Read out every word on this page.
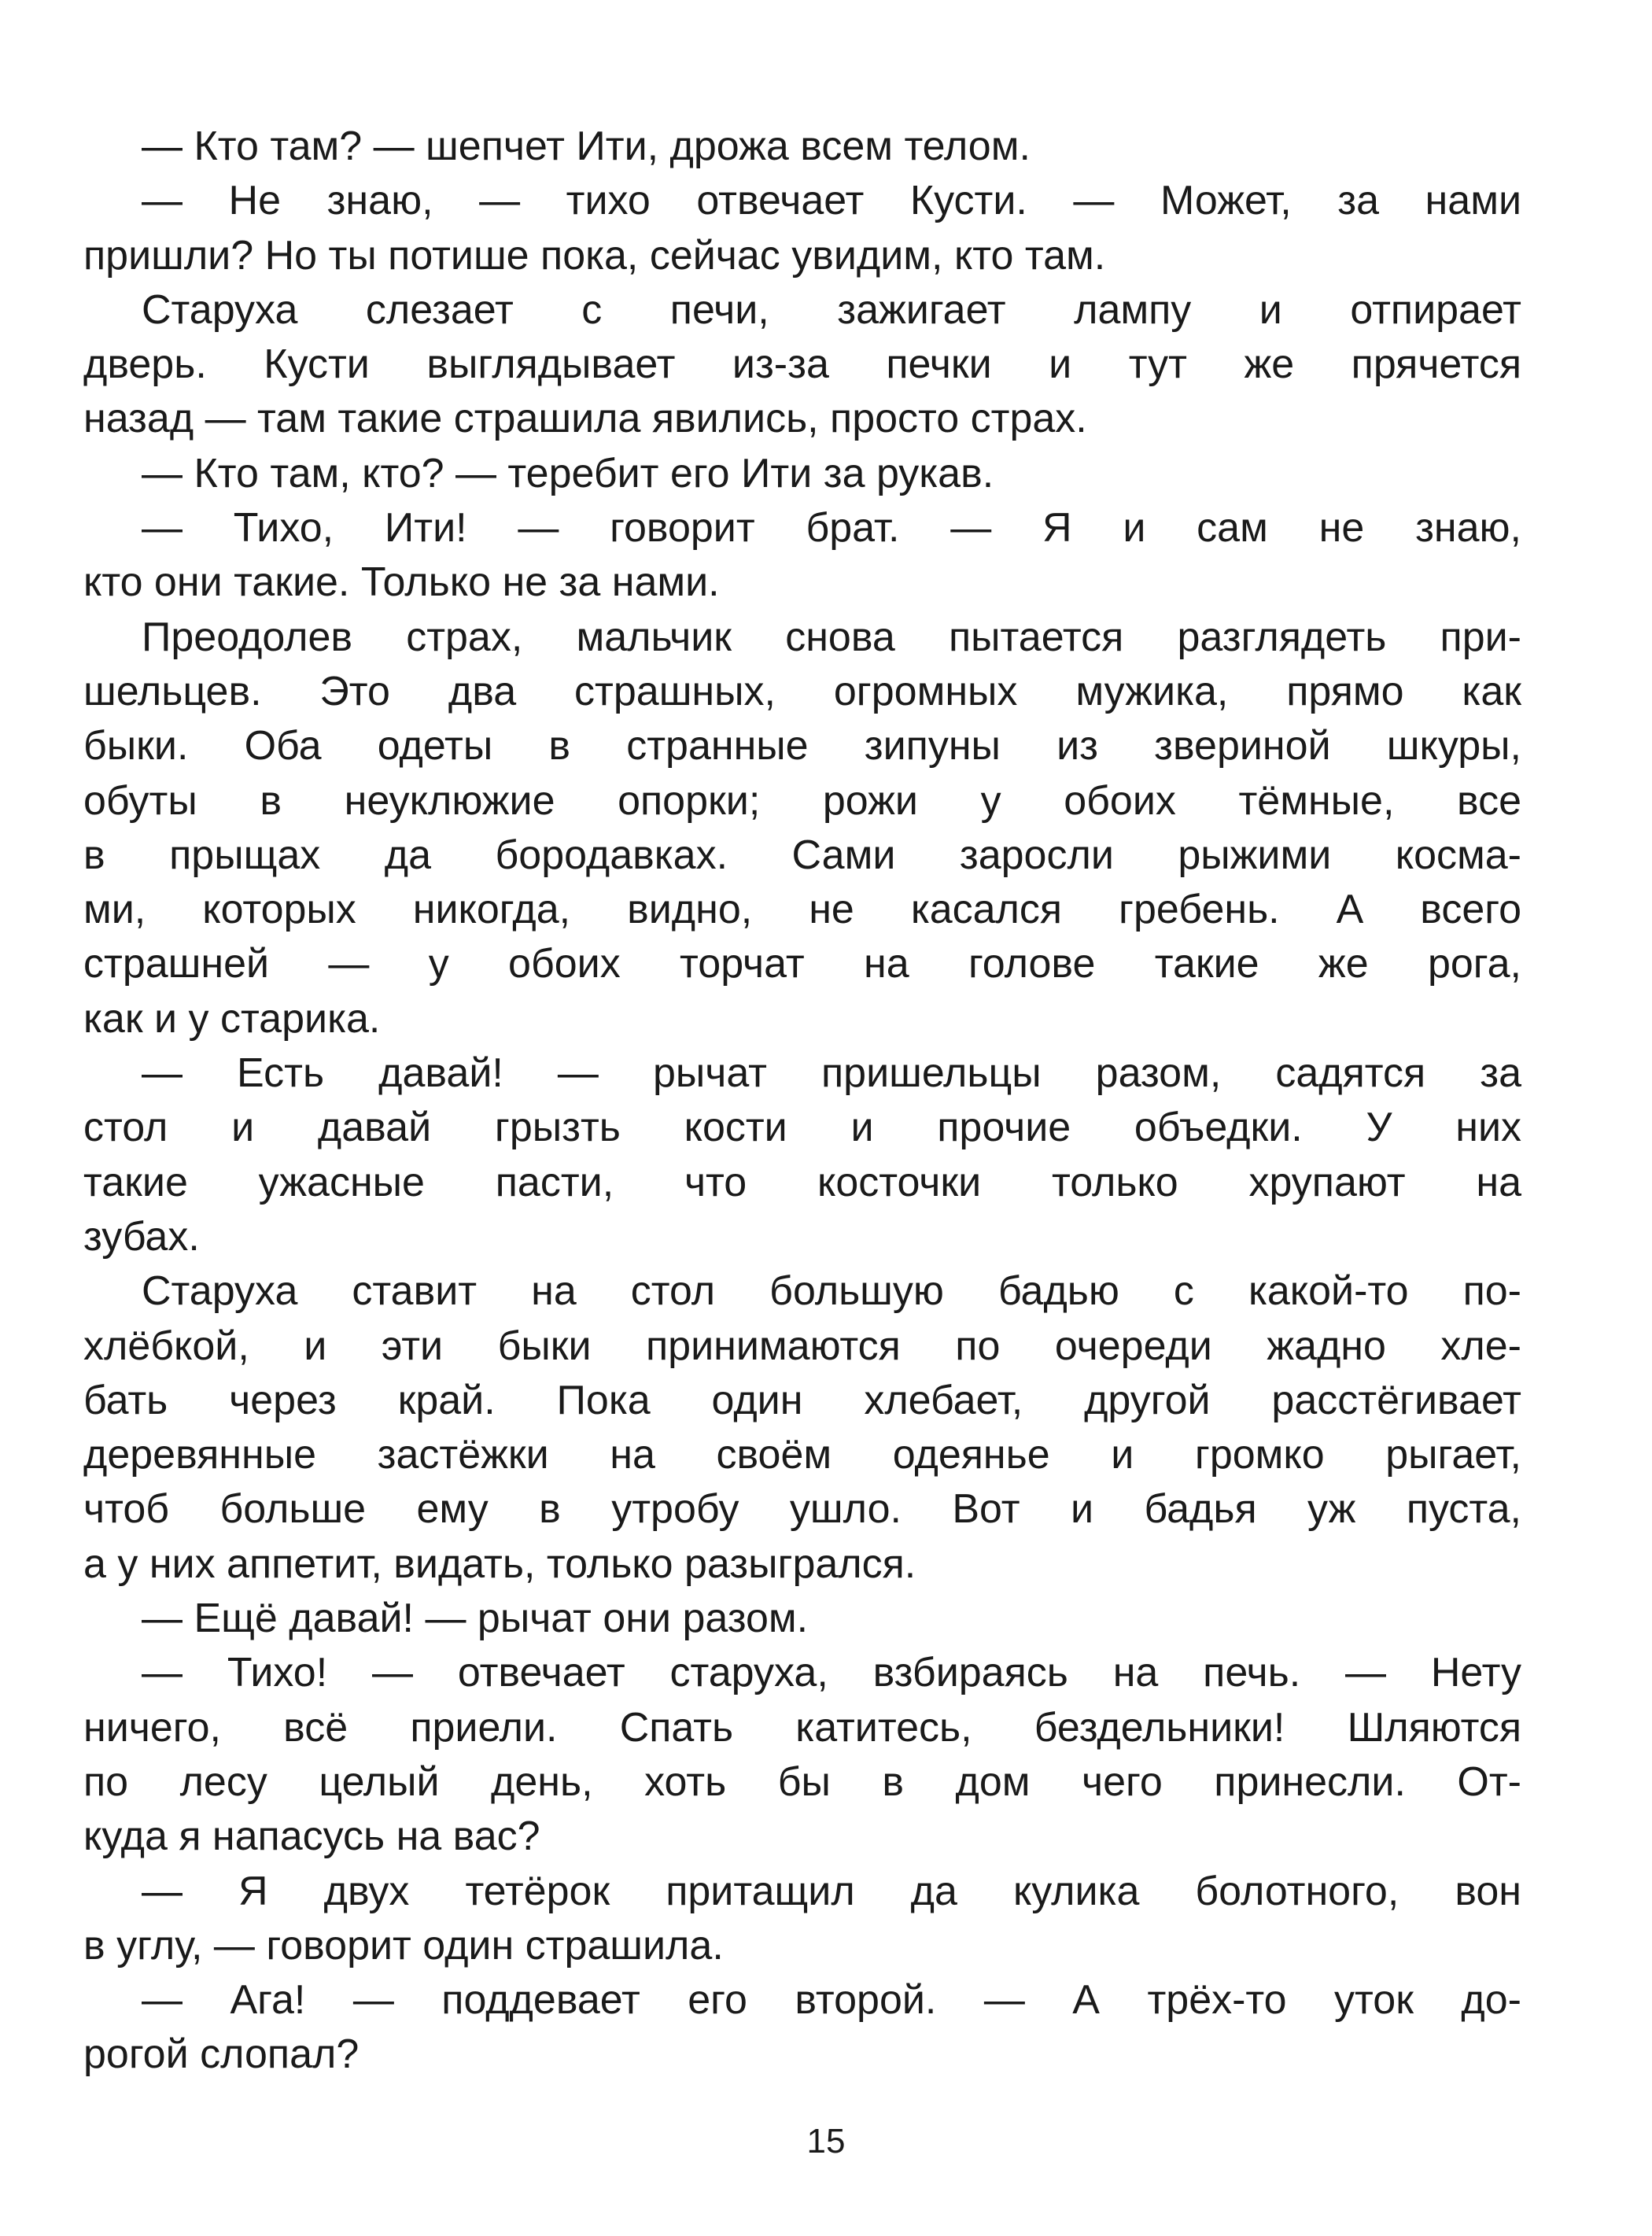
— Кто там? — шепчет Ити, дрожа всем телом.
— Не знаю, — тихо отвечает Кусти. — Может, за нами
пришли? Но ты потише пока, сейчас увидим, кто там.
Старуха слезает с печи, зажигает лампу и отпирает
дверь. Кусти выглядывает из-за печки и тут же прячется
назад — там такие страшила явились, просто страх.
— Кто там, кто? — теребит его Ити за рукав.
— Тихо, Ити! — говорит брат. — Я и сам не знаю,
кто они такие. Только не за нами.
Преодолев страх, мальчик снова пытается разглядеть при-
шельцев. Это два страшных, огромных мужика, прямо как
быки. Оба одеты в странные зипуны из звериной шкуры,
обуты в неуклюжие опорки; рожи у обоих тёмные, все
в прыщах да бородавках. Сами заросли рыжими косма-
ми, которых никогда, видно, не касался гребень. А всего
страшней — у обоих торчат на голове такие же рога,
как и у старика.
— Есть давай! — рычат пришельцы разом, садятся за
стол и давай грызть кости и прочие объедки. У них
такие ужасные пасти, что косточки только хрупают на
зубах.
Старуха ставит на стол большую бадью с какой-то по-
хлёбкой, и эти быки принимаются по очереди жадно хле-
бать через край. Пока один хлебает, другой расстёгивает
деревянные застёжки на своём одеянье и громко рыгает,
чтоб больше ему в утробу ушло. Вот и бадья уж пуста,
а у них аппетит, видать, только разыгрался.
— Ещё давай! — рычат они разом.
— Тихо! — отвечает старуха, взбираясь на печь. — Нету
ничего, всё приели. Спать катитесь, бездельники! Шляются
по лесу целый день, хоть бы в дом чего принесли. От-
куда я напасусь на вас?
— Я двух тетёрок притащил да кулика болотного, вон
в углу, — говорит один страшила.
— Ага! — поддевает его второй. — А трёх-то уток до-
рогой слопал?
15
